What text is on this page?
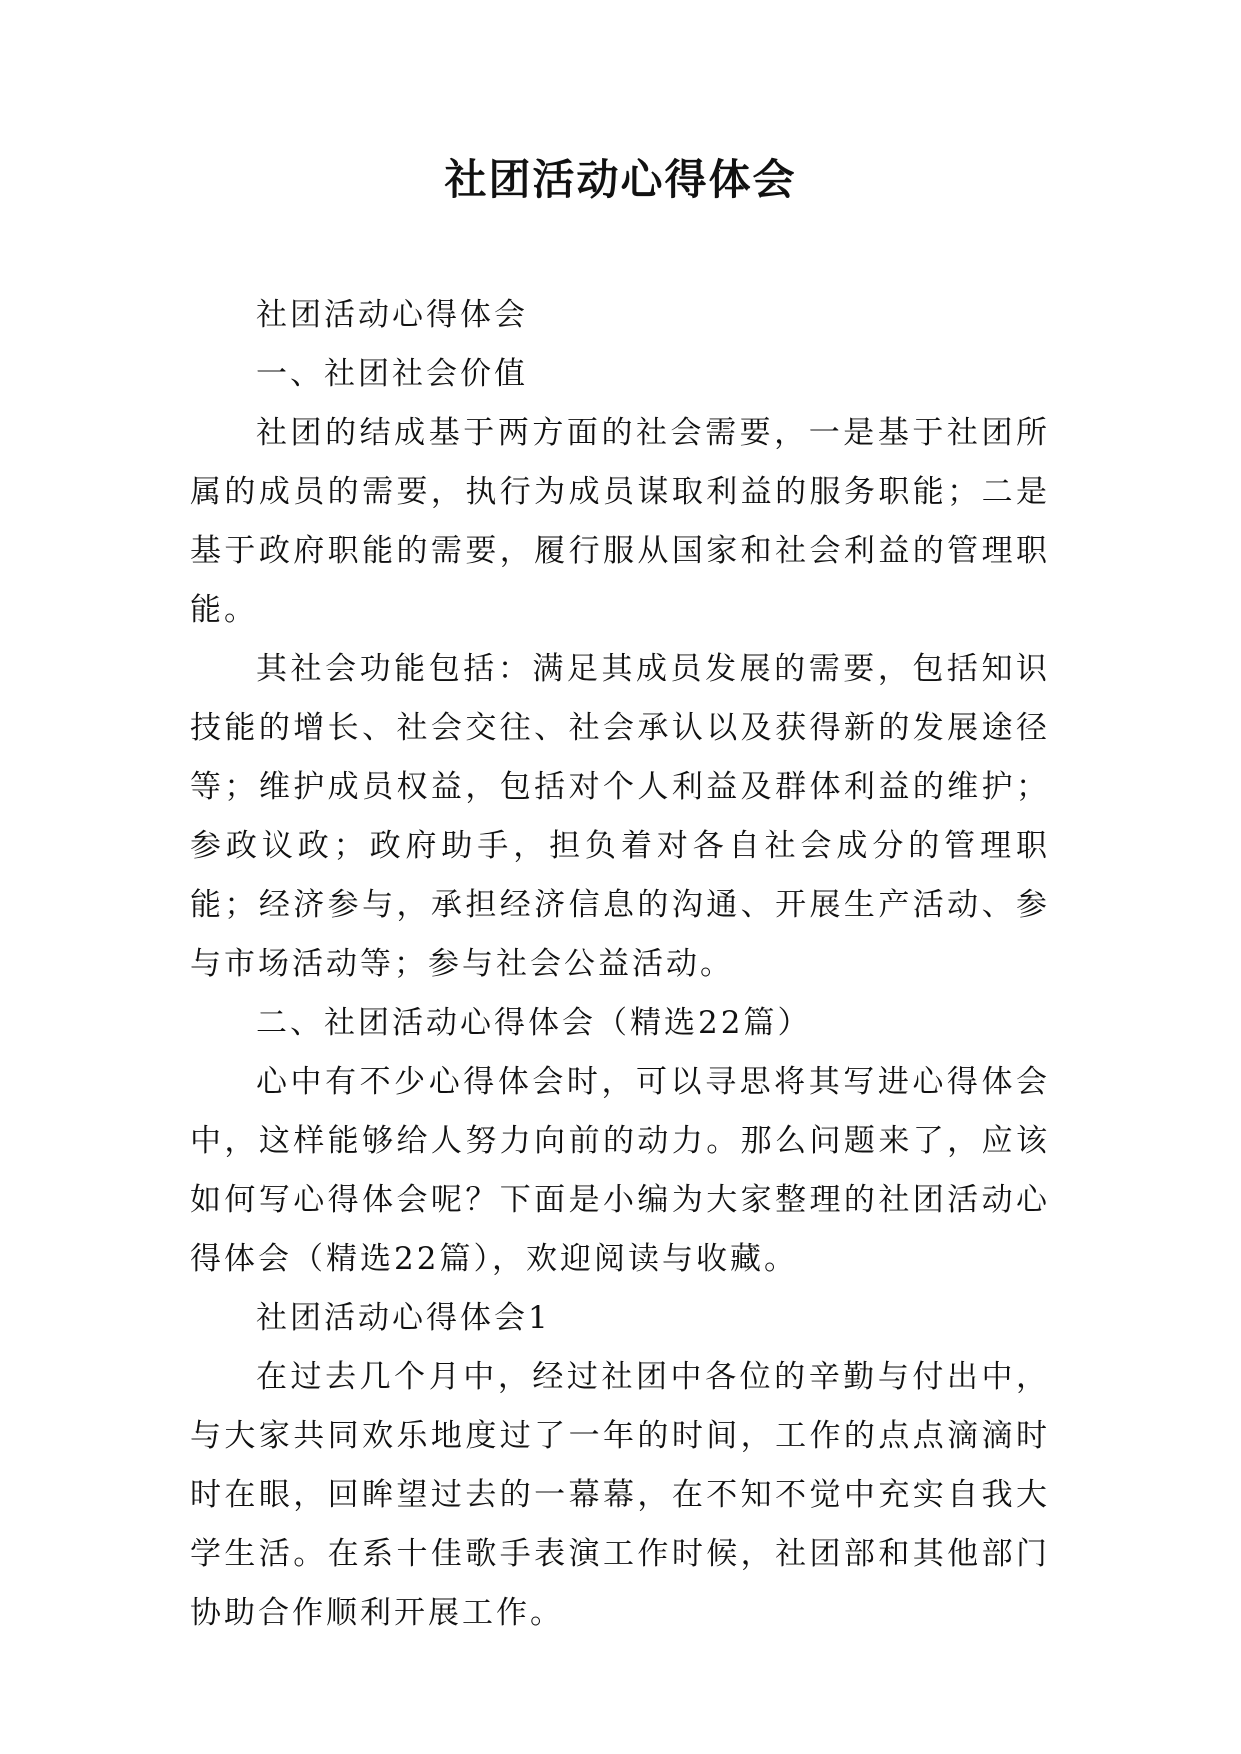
社团活动心得体会

社团活动心得体会

一、社团社会价值

社团的结成基于两方面的社会需要，一是基于社团所属的成员的需要，执行为成员谋取利益的服务职能；二是基于政府职能的需要，履行服从国家和社会利益的管理职能。

其社会功能包括：满足其成员发展的需要，包括知识技能的增长、社会交往、社会承认以及获得新的发展途径等；维护成员权益，包括对个人利益及群体利益的维护；参政议政；政府助手，担负着对各自社会成分的管理职能；经济参与，承担经济信息的沟通、开展生产活动、参与市场活动等；参与社会公益活动。

二、社团活动心得体会（精选22篇）

心中有不少心得体会时，可以寻思将其写进心得体会中，这样能够给人努力向前的动力。那么问题来了，应该如何写心得体会呢？下面是小编为大家整理的社团活动心得体会（精选22篇），欢迎阅读与收藏。

社团活动心得体会1

在过去几个月中，经过社团中各位的辛勤与付出中，与大家共同欢乐地度过了一年的时间，工作的点点滴滴时时在眼，回眸望过去的一幕幕，在不知不觉中充实自我大学生活。在系十佳歌手表演工作时候，社团部和其他部门协助合作顺利开展工作。
